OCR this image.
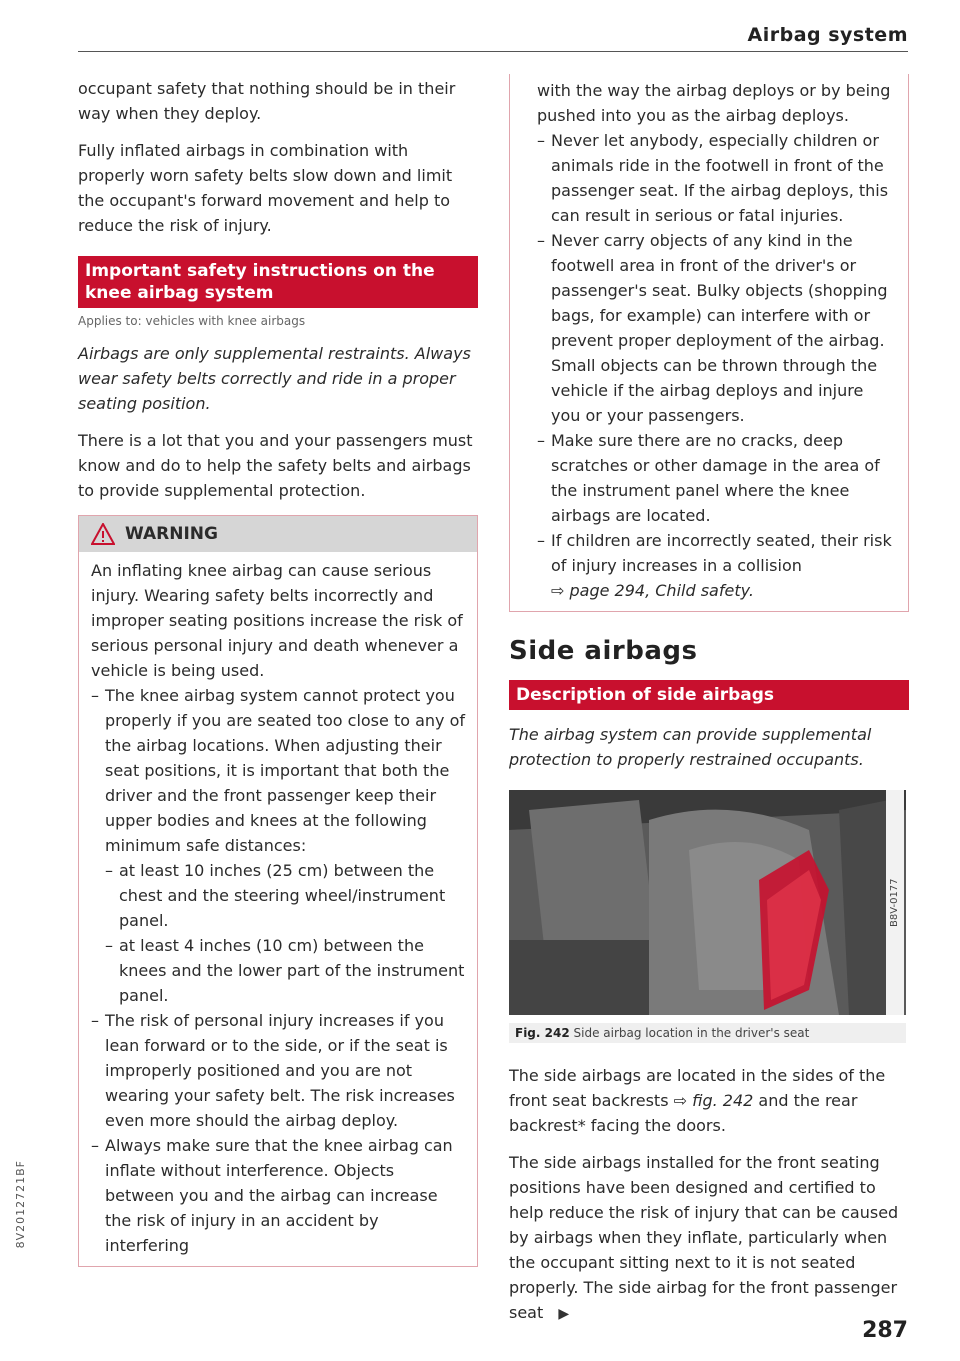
Airbag system

occupant safety that nothing should be in their way when they deploy.

Fully inflated airbags in combination with properly worn safety belts slow down and limit the occupant's forward movement and help to reduce the risk of injury.

Important safety instructions on the knee airbag system
Applies to: vehicles with knee airbags

Airbags are only supplemental restraints. Always wear safety belts correctly and ride in a proper seating position.

There is a lot that you and your passengers must know and do to help the safety belts and airbags to provide supplemental protection.

WARNING

An inflating knee airbag can cause serious injury. Wearing safety belts incorrectly and improper seating positions increase the risk of serious personal injury and death whenever a vehicle is being used.

– The knee airbag system cannot protect you properly if you are seated too close to any of the airbag locations. When adjusting their seat positions, it is important that both the driver and the front passenger keep their upper bodies and knees at the following minimum safe distances:

– at least 10 inches (25 cm) between the chest and the steering wheel/instrument panel.

– at least 4 inches (10 cm) between the knees and the lower part of the instrument panel.

– The risk of personal injury increases if you lean forward or to the side, or if the seat is improperly positioned and you are not wearing your safety belt. The risk increases even more should the airbag deploy.

– Always make sure that the knee airbag can inflate without interference. Objects between you and the airbag can increase the risk of injury in an accident by interfering

with the way the airbag deploys or by being pushed into you as the airbag deploys.

– Never let anybody, especially children or animals ride in the footwell in front of the passenger seat. If the airbag deploys, this can result in serious or fatal injuries.

– Never carry objects of any kind in the footwell area in front of the driver's or passenger's seat. Bulky objects (shopping bags, for example) can interfere with or prevent proper deployment of the airbag. Small objects can be thrown through the vehicle if the airbag deploys and injure you or your passengers.

– Make sure there are no cracks, deep scratches or other damage in the area of the instrument panel where the knee airbags are located.

– If children are incorrectly seated, their risk of injury increases in a collision
⇨ page 294, Child safety.

Side airbags
Description of side airbags

The airbag system can provide supplemental protection to properly restrained occupants.

B8V-0177
Fig. 242 Side airbag location in the driver's seat

The side airbags are located in the sides of the front seat backrests ⇨ fig. 242 and the rear backrest* facing the doors.

The side airbags installed for the front seating positions have been designed and certified to help reduce the risk of injury that can be caused by airbags when they inflate, particularly when the occupant sitting next to it is not seated properly. The side airbag for the front passenger seat ▶

287
8V2012721BF
